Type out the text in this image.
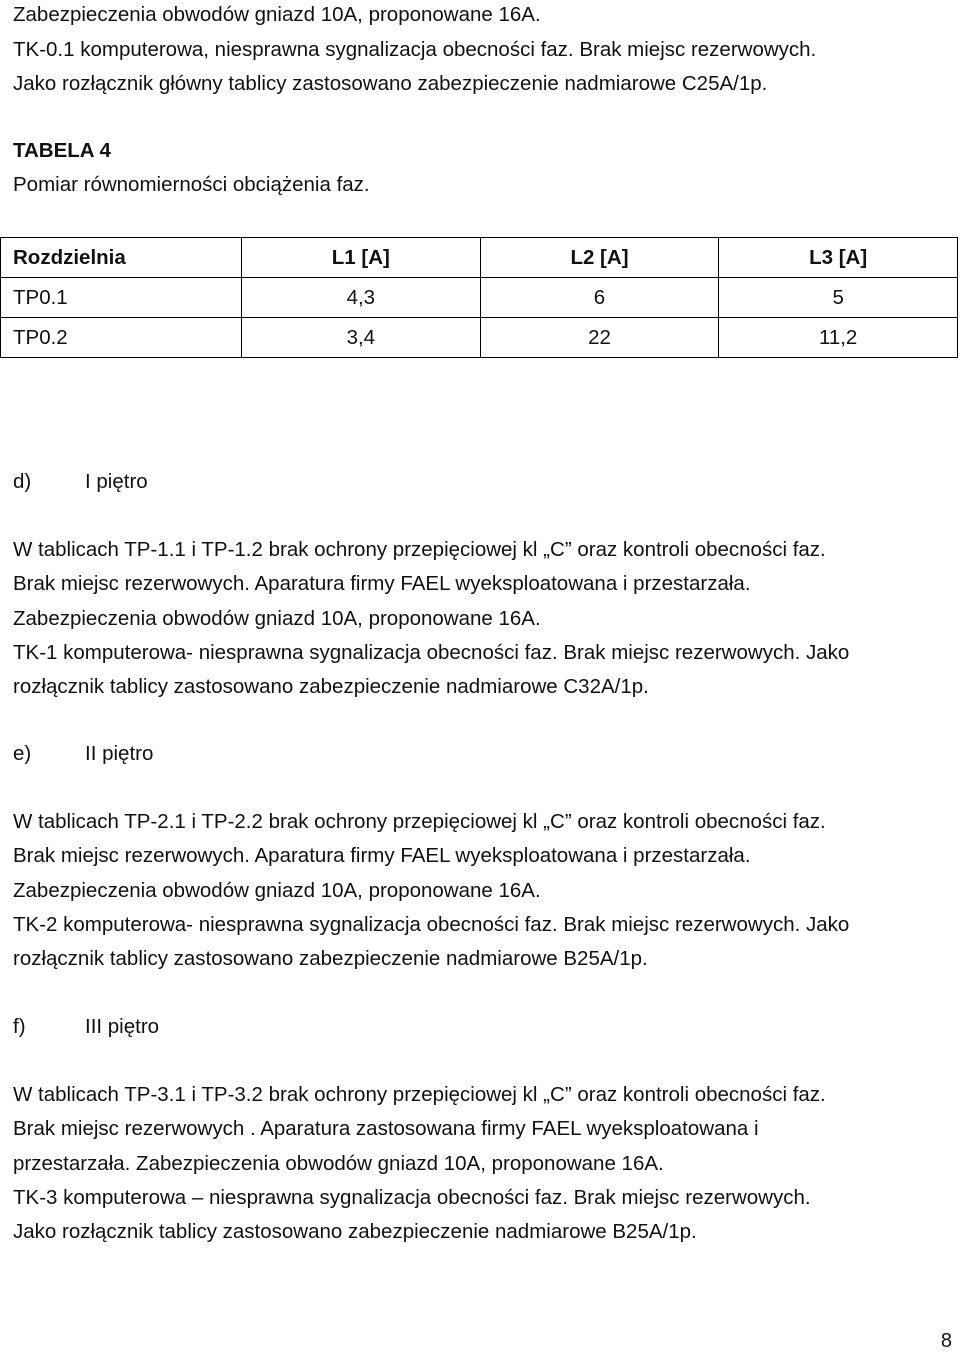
Zabezpieczenia obwodów gniazd 10A, proponowane 16A.

TK-0.1 komputerowa, niesprawna sygnalizacja obecności faz. Brak miejsc rezerwowych.

Jako rozłącznik główny tablicy zastosowano zabezpieczenie nadmiarowe C25A/1p.

TABELA 4

Pomiar równomierności obciążenia faz.

Rozdzielnia	L1 [A]	L2 [A]	L3 [A]
TP0.1	4,3	6	5
TP0.2	3,4	22	11,2
d)	I piętro

W tablicach TP-1.1 i TP-1.2 brak ochrony przepięciowej kl „C” oraz kontroli obecności faz.

Brak miejsc rezerwowych. Aparatura firmy FAEL wyeksploatowana i przestarzała.

Zabezpieczenia obwodów gniazd 10A, proponowane 16A.

TK-1 komputerowa- niesprawna sygnalizacja obecności faz. Brak miejsc rezerwowych. Jako

rozłącznik tablicy zastosowano zabezpieczenie nadmiarowe C32A/1p.

e)	II piętro

W tablicach TP-2.1 i TP-2.2 brak ochrony przepięciowej kl „C” oraz kontroli obecności faz.

Brak miejsc rezerwowych. Aparatura firmy FAEL wyeksploatowana i przestarzała.

Zabezpieczenia obwodów gniazd 10A, proponowane 16A.

TK-2 komputerowa- niesprawna sygnalizacja obecności faz. Brak miejsc rezerwowych. Jako

rozłącznik tablicy zastosowano zabezpieczenie nadmiarowe B25A/1p.

f)	III piętro

W tablicach TP-3.1 i TP-3.2 brak ochrony przepięciowej kl „C” oraz kontroli obecności faz.

Brak miejsc rezerwowych . Aparatura zastosowana firmy FAEL wyeksploatowana i

przestarzała. Zabezpieczenia obwodów gniazd 10A, proponowane 16A.

TK-3 komputerowa – niesprawna sygnalizacja obecności faz. Brak miejsc rezerwowych.

Jako rozłącznik tablicy zastosowano zabezpieczenie nadmiarowe B25A/1p.

8
